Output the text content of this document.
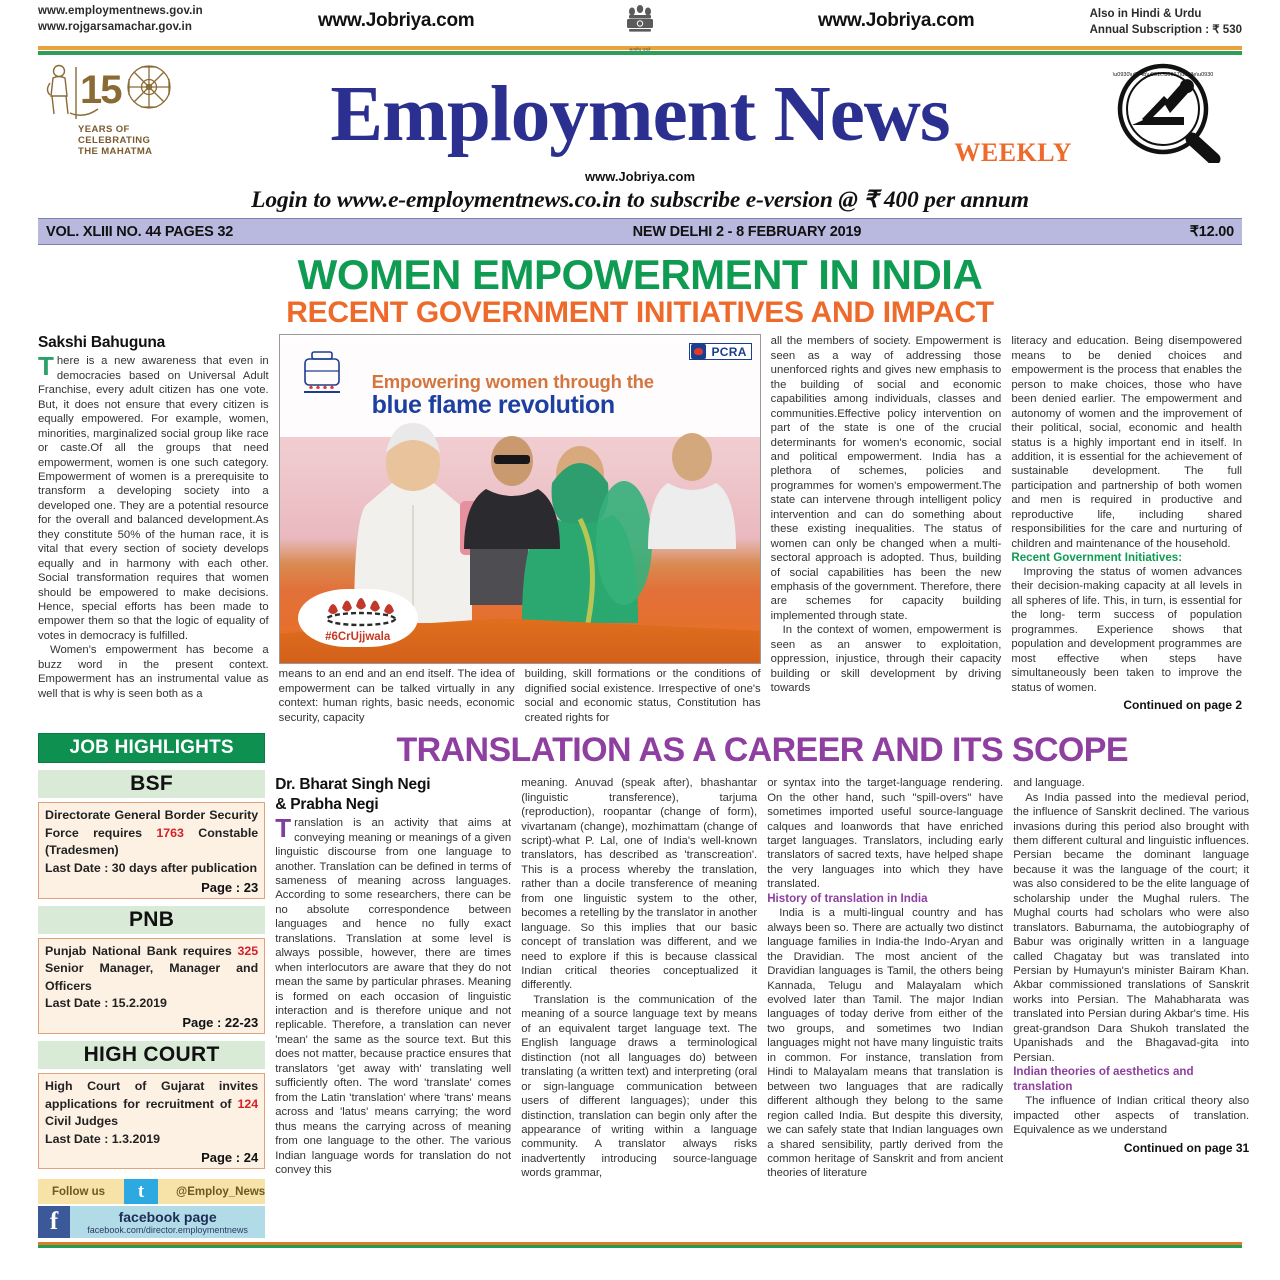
www.employmentnews.gov.in
www.rojgarsamachar.gov.in	www.Jobriya.com	www.Jobriya.com
सत्यमेव जयते
Also in Hindi & Urdu
Annual Subscription : ₹ 530
15
YEARS OF
CELEBRATING
THE MAHATMA Employment News WEEKLY
\u0930\u094b\u091c\u0917\u093e\u0930
www.Jobriya.com
Login to www.e-employmentnews.co.in to subscribe e-version @ ₹ 400 per annum
VOL. XLIII NO. 44 PAGES 32	NEW DELHI 2 - 8 FEBRUARY 2019	₹12.00
WOMEN EMPOWERMENT IN INDIA
RECENT GOVERNMENT INITIATIVES AND IMPACT
Sakshi Bahuguna

There is a new awareness that even in democracies based on Universal Adult Franchise, every adult citizen has one vote. But, it does not ensure that every citizen is equally empowered. For example, women, minorities, marginalized social group like race or caste.Of all the groups that need empowerment, women is one such category. Empowerment of women is a prerequisite to transform a developing society into a developed one. They are a potential resource for the overall and balanced development.As they constitute 50% of the human race, it is vital that every section of society develops equally and in harmony with each other. Social transformation requires that women should be empowered to make decisions. Hence, special efforts has been made to empower them so that the logic of equality of votes in democracy is fulfilled.

Women's empowerment has become a buzz word in the present context. Empowerment has an instrumental value as well that is why is seen both as a

PCRA
Empowering women through the
blue flame revolution
#6CrUjjwala

means to an end and an end itself. The idea of empowerment can be talked virtually in any context: human rights, basic needs, economic security, capacity

building, skill formations or the conditions of dignified social existence. Irrespective of one's social and economic status, Constitution has created rights for

all the members of society. Empowerment is seen as a way of addressing those unenforced rights and gives new emphasis to the building of social and economic capabilities among individuals, classes and communities.Effective policy intervention on part of the state is one of the crucial determinants for women's economic, social and political empowerment. India has a plethora of schemes, policies and programmes for women's empowerment.The state can intervene through intelligent policy intervention and can do something about these existing inequalities. The status of women can only be changed when a multi-sectoral approach is adopted. Thus, building of social capabilities has been the new emphasis of the government. Therefore, there are schemes for capacity building implemented through state.

In the context of women, empowerment is seen as an answer to exploitation, oppression, injustice, through their capacity building or skill development by driving towards

literacy and education. Being disempowered means to be denied choices and empowerment is the process that enables the person to make choices, those who have been denied earlier. The empowerment and autonomy of women and the improvement of their political, social, economic and health status is a highly important end in itself. In addition, it is essential for the achievement of sustainable development. The full participation and partnership of both women and men is required in productive and reproductive life, including shared responsibilities for the care and nurturing of children and maintenance of the household.

Recent Government Initiatives:

Improving the status of women advances their decision-making capacity at all levels in all spheres of life. This, in turn, is essential for the long- term success of population programmes. Experience shows that population and development programmes are most effective when steps have simultaneously been taken to improve the status of women.

Continued on page 2
JOB HIGHLIGHTS
BSF

Directorate General Border Security Force requires 1763 Constable (Tradesmen)

Last Date : 30 days after publication

Page : 23
PNB

Punjab National Bank requires 325 Senior Manager, Manager and Officers

Last Date : 15.2.2019

Page : 22-23
HIGH COURT

High Court of Gujarat invites applications for recruitment of 124 Civil Judges

Last Date : 1.3.2019

Page : 24
Follow us	t	@Employ_News
f	facebook page
facebook.com/director.employmentnews
TRANSLATION AS A CAREER AND ITS SCOPE
Dr. Bharat Singh Negi
& Prabha Negi

Translation is an activity that aims at conveying meaning or meanings of a given linguistic discourse from one language to another. Translation can be defined in terms of sameness of meaning across languages. According to some researchers, there can be no absolute correspondence between languages and hence no fully exact translations. Translation at some level is always possible, however, there are times when interlocutors are aware that they do not mean the same by particular phrases. Meaning is formed on each occasion of linguistic interaction and is therefore unique and not replicable. Therefore, a translation can never 'mean' the same as the source text. But this does not matter, because practice ensures that translators 'get away with' translating well sufficiently often. The word 'translate' comes from the Latin 'translation' where 'trans' means across and 'latus' means carrying; the word thus means the carrying across of meaning from one language to the other. The various Indian language words for translation do not convey this

meaning. Anuvad (speak after), bhashantar (linguistic transference), tarjuma (reproduction), roopantar (change of form), vivartanam (change), mozhimattam (change of script)-what P. Lal, one of India's well-known translators, has described as 'transcreation'. This is a process whereby the translation, rather than a docile transference of meaning from one linguistic system to the other, becomes a retelling by the translator in another language. So this implies that our basic concept of translation was different, and we need to explore if this is because classical Indian critical theories conceptualized it differently.

Translation is the communication of the meaning of a source language text by means of an equivalent target language text. The English language draws a terminological distinction (not all languages do) between translating (a written text) and interpreting (oral or sign-language communication between users of different languages); under this distinction, translation can begin only after the appearance of writing within a language community. A translator always risks inadvertently introducing source-language words grammar,

or syntax into the target-language rendering. On the other hand, such "spill-overs" have sometimes imported useful source-language calques and loanwords that have enriched target languages. Translators, including early translators of sacred texts, have helped shape the very languages into which they have translated.

History of translation in India

India is a multi-lingual country and has always been so. There are actually two distinct language families in India-the Indo-Aryan and the Dravidian. The most ancient of the Dravidian languages is Tamil, the others being Kannada, Telugu and Malayalam which evolved later than Tamil. The major Indian languages of today derive from either of the two groups, and sometimes two Indian languages might not have many linguistic traits in common. For instance, translation from Hindi to Malayalam means that translation is between two languages that are radically different although they belong to the same region called India. But despite this diversity, we can safely state that Indian languages own a shared sensibility, partly derived from the common heritage of Sanskrit and from ancient theories of literature

and language.

As India passed into the medieval period, the influence of Sanskrit declined. The various invasions during this period also brought with them different cultural and linguistic influences. Persian became the dominant language because it was the language of the court; it was also considered to be the elite language of scholarship under the Mughal rulers. The Mughal courts had scholars who were also translators. Baburnama, the autobiography of Babur was originally written in a language called Chagatay but was translated into Persian by Humayun's minister Bairam Khan. Akbar commissioned translations of Sanskrit works into Persian. The Mahabharata was translated into Persian during Akbar's time. His great-grandson Dara Shukoh translated the Upanishads and the Bhagavad-gita into Persian.

Indian theories of aesthetics and translation

The influence of Indian critical theory also impacted other aspects of translation. Equivalence as we understand

Continued on page 31
